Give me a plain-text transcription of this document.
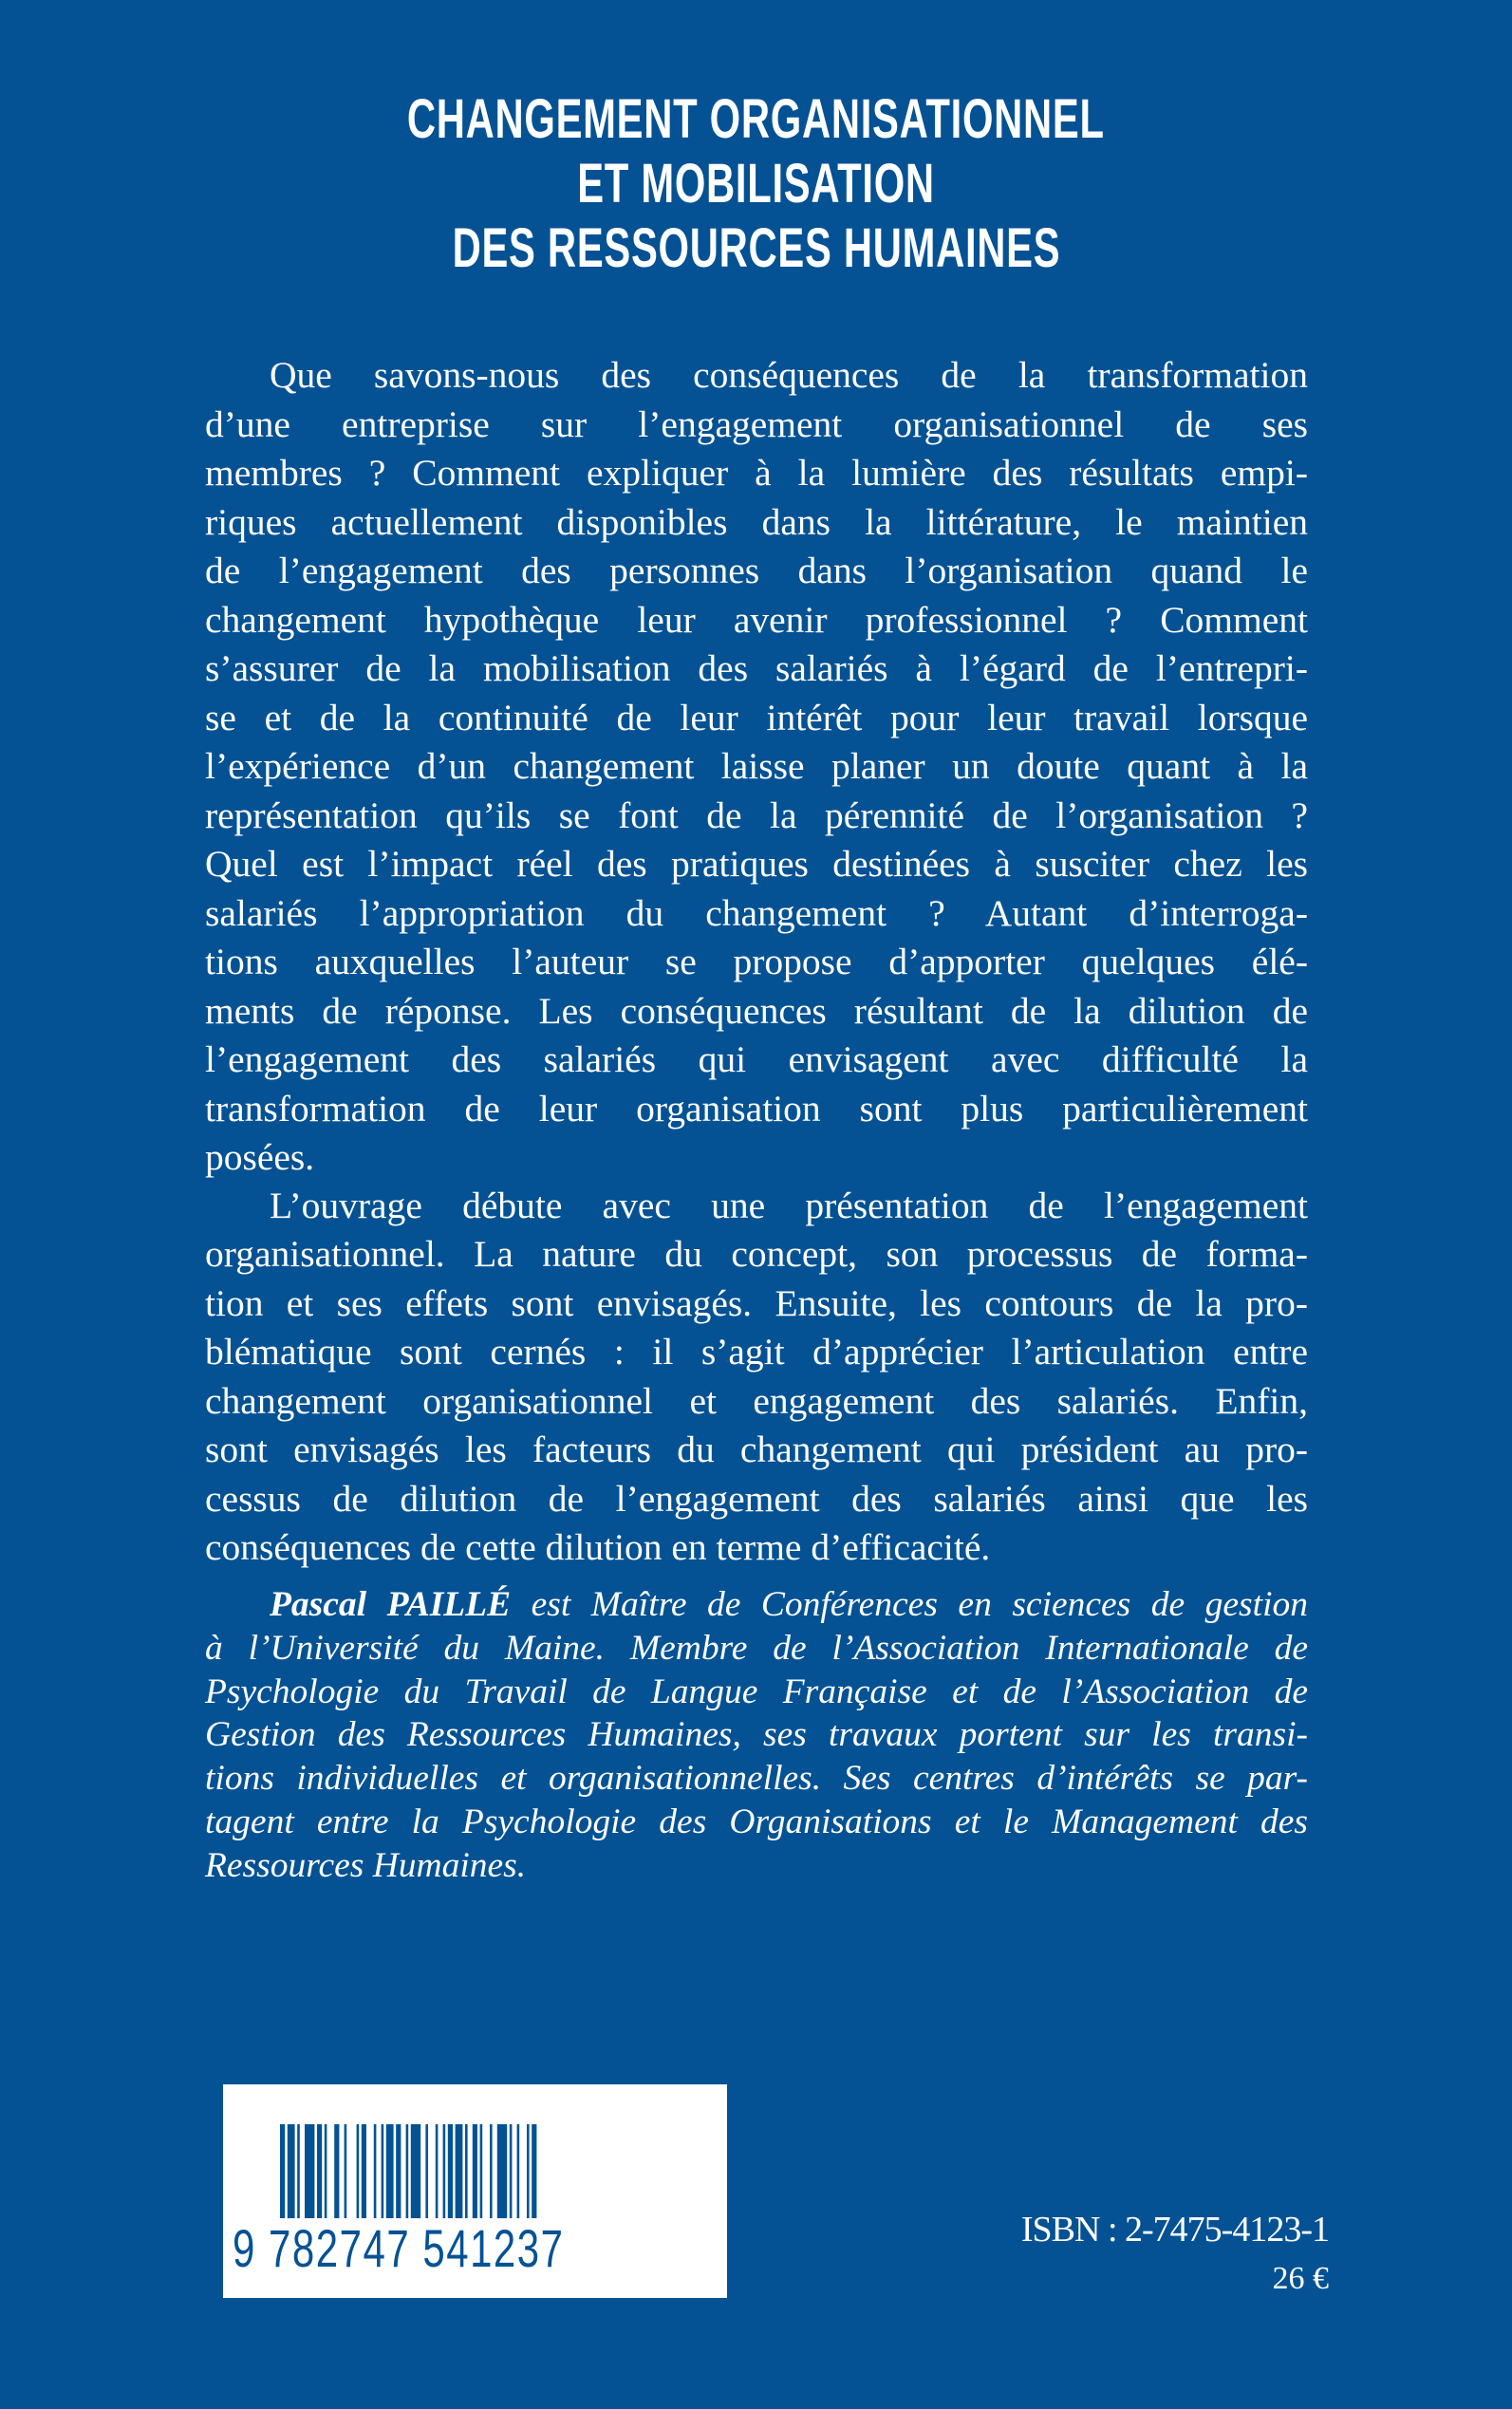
CHANGEMENT ORGANISATIONNEL
ET MOBILISATION
DES RESSOURCES HUMAINES
Que savons-nous des conséquences de la transformation
d’une entreprise sur l’engagement organisationnel de ses
membres ? Comment expliquer à la lumière des résultats empi-
riques actuellement disponibles dans la littérature, le maintien
de l’engagement des personnes dans l’organisation quand le
changement hypothèque leur avenir professionnel ? Comment
s’assurer de la mobilisation des salariés à l’égard de l’entrepri-
se et de la continuité de leur intérêt pour leur travail lorsque
l’expérience d’un changement laisse planer un doute quant à la
représentation qu’ils se font de la pérennité de l’organisation ?
Quel est l’impact réel des pratiques destinées à susciter chez les
salariés l’appropriation du changement ? Autant d’interroga-
tions auxquelles l’auteur se propose d’apporter quelques élé-
ments de réponse. Les conséquences résultant de la dilution de
l’engagement des salariés qui envisagent avec difficulté la
transformation de leur organisation sont plus particulièrement
posées.
L’ouvrage débute avec une présentation de l’engagement
organisationnel. La nature du concept, son processus de forma-
tion et ses effets sont envisagés. Ensuite, les contours de la pro-
blématique sont cernés : il s’agit d’apprécier l’articulation entre
changement organisationnel et engagement des salariés. Enfin,
sont envisagés les facteurs du changement qui président au pro-
cessus de dilution de l’engagement des salariés ainsi que les
conséquences de cette dilution en terme d’efficacité.
Pascal PAILLÉ est Maître de Conférences en sciences de gestion
à l’Université du Maine. Membre de l’Association Internationale de
Psychologie du Travail de Langue Française et de l’Association de
Gestion des Ressources Humaines, ses travaux portent sur les transi-
tions individuelles et organisationnelles. Ses centres d’intérêts se par-
tagent entre la Psychologie des Organisations et le Management des
Ressources Humaines.
9 782747 541237	ISBN : 2-7475-4123-1
26 €
